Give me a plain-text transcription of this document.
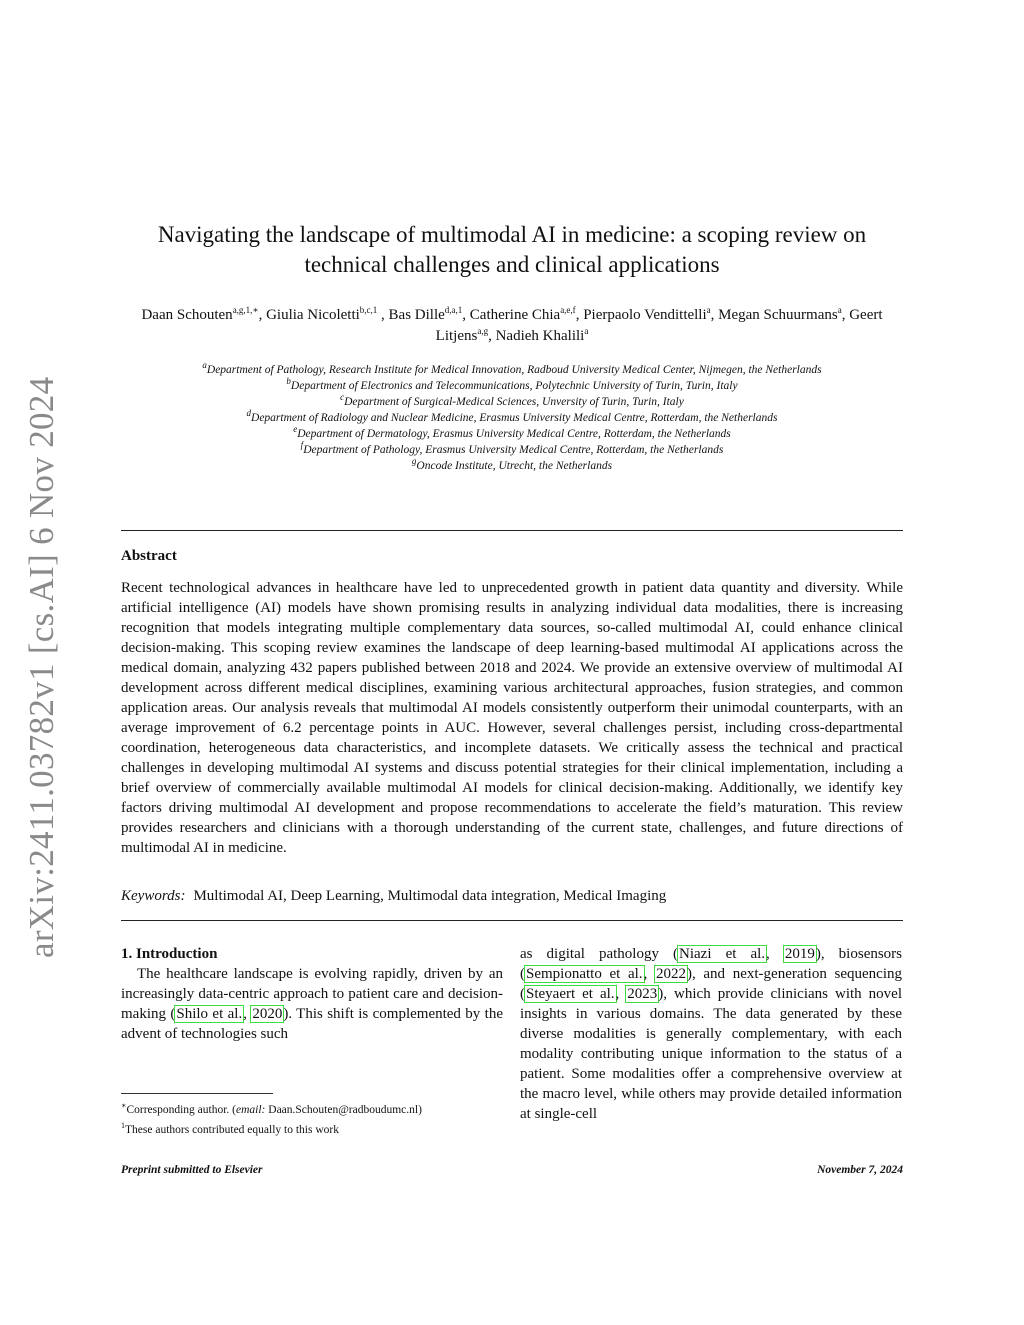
arXiv:2411.03782v1 [cs.AI] 6 Nov 2024
Navigating the landscape of multimodal AI in medicine: a scoping review on
technical challenges and clinical applications
Daan Schouten$^{a,g,1,∗}$, Giulia Nicoletti$^{b,c,1}$ , Bas Dille$^{d,a,1}$, Catherine Chia$^{a,e,f}$, Pierpaolo Vendittelli$^a$, Megan Schuurmans$^a$, Geert Litjens$^{a,g}$, Nadieh Khalili$^a$
$^a$Department of Pathology, Research Institute for Medical Innovation, Radboud University Medical Center, Nijmegen, the Netherlands
$^b$Department of Electronics and Telecommunications, Polytechnic University of Turin, Turin, Italy
$^c$Department of Surgical-Medical Sciences, Unversity of Turin, Turin, Italy
$^d$Department of Radiology and Nuclear Medicine, Erasmus University Medical Centre, Rotterdam, the Netherlands
$^e$Department of Dermatology, Erasmus University Medical Centre, Rotterdam, the Netherlands
$^f$Department of Pathology, Erasmus University Medical Centre, Rotterdam, the Netherlands
$^g$Oncode Institute, Utrecht, the Netherlands
Abstract

Recent technological advances in healthcare have led to unprecedented growth in patient data quantity and diversity. While artificial intelligence (AI) models have shown promising results in analyzing individual data modalities, there is increasing recognition that models integrating multiple complementary data sources, so-called multimodal AI, could enhance clinical decision-making. This scoping review examines the landscape of deep learning-based multimodal AI applications across the medical domain, analyzing 432 papers published between 2018 and 2024. We provide an extensive overview of multimodal AI development across different medical disciplines, examining various architectural approaches, fusion strategies, and common application areas. Our analysis reveals that multimodal AI models consistently outperform their unimodal counterparts, with an average improvement of 6.2 percentage points in AUC. However, several challenges persist, including cross-departmental coordination, heterogeneous data characteristics, and incomplete datasets. We critically assess the technical and practical challenges in developing multimodal AI systems and discuss potential strategies for their clinical implementation, including a brief overview of commercially available multimodal AI models for clinical decision-making. Additionally, we identify key factors driving multimodal AI development and propose recommendations to accelerate the field’s maturation. This review provides researchers and clinicians with a thorough understanding of the current state, challenges, and future directions of multimodal AI in medicine.

Keywords: Multimodal AI, Deep Learning, Multimodal data integration, Medical Imaging

1. Introduction

The healthcare landscape is evolving rapidly, driven by an increasingly data-centric approach to patient care and decision-making (Shilo et al., 2020). This shift is complemented by the advent of technologies such

as digital pathology (Niazi et al., 2019), biosensors (Sempionatto et al., 2022), and next-generation sequencing (Steyaert et al., 2023), which provide clinicians with novel insights in various domains. The data generated by these diverse modalities is generally complementary, with each modality contributing unique information to the status of a patient. Some modalities offer a comprehensive overview at the macro level, while others may provide detailed information at single-cell

∗Corresponding author. (email: Daan.Schouten@radboudumc.nl)
$^1$These authors contributed equally to this work
Preprint submitted to Elsevier	November 7, 2024
